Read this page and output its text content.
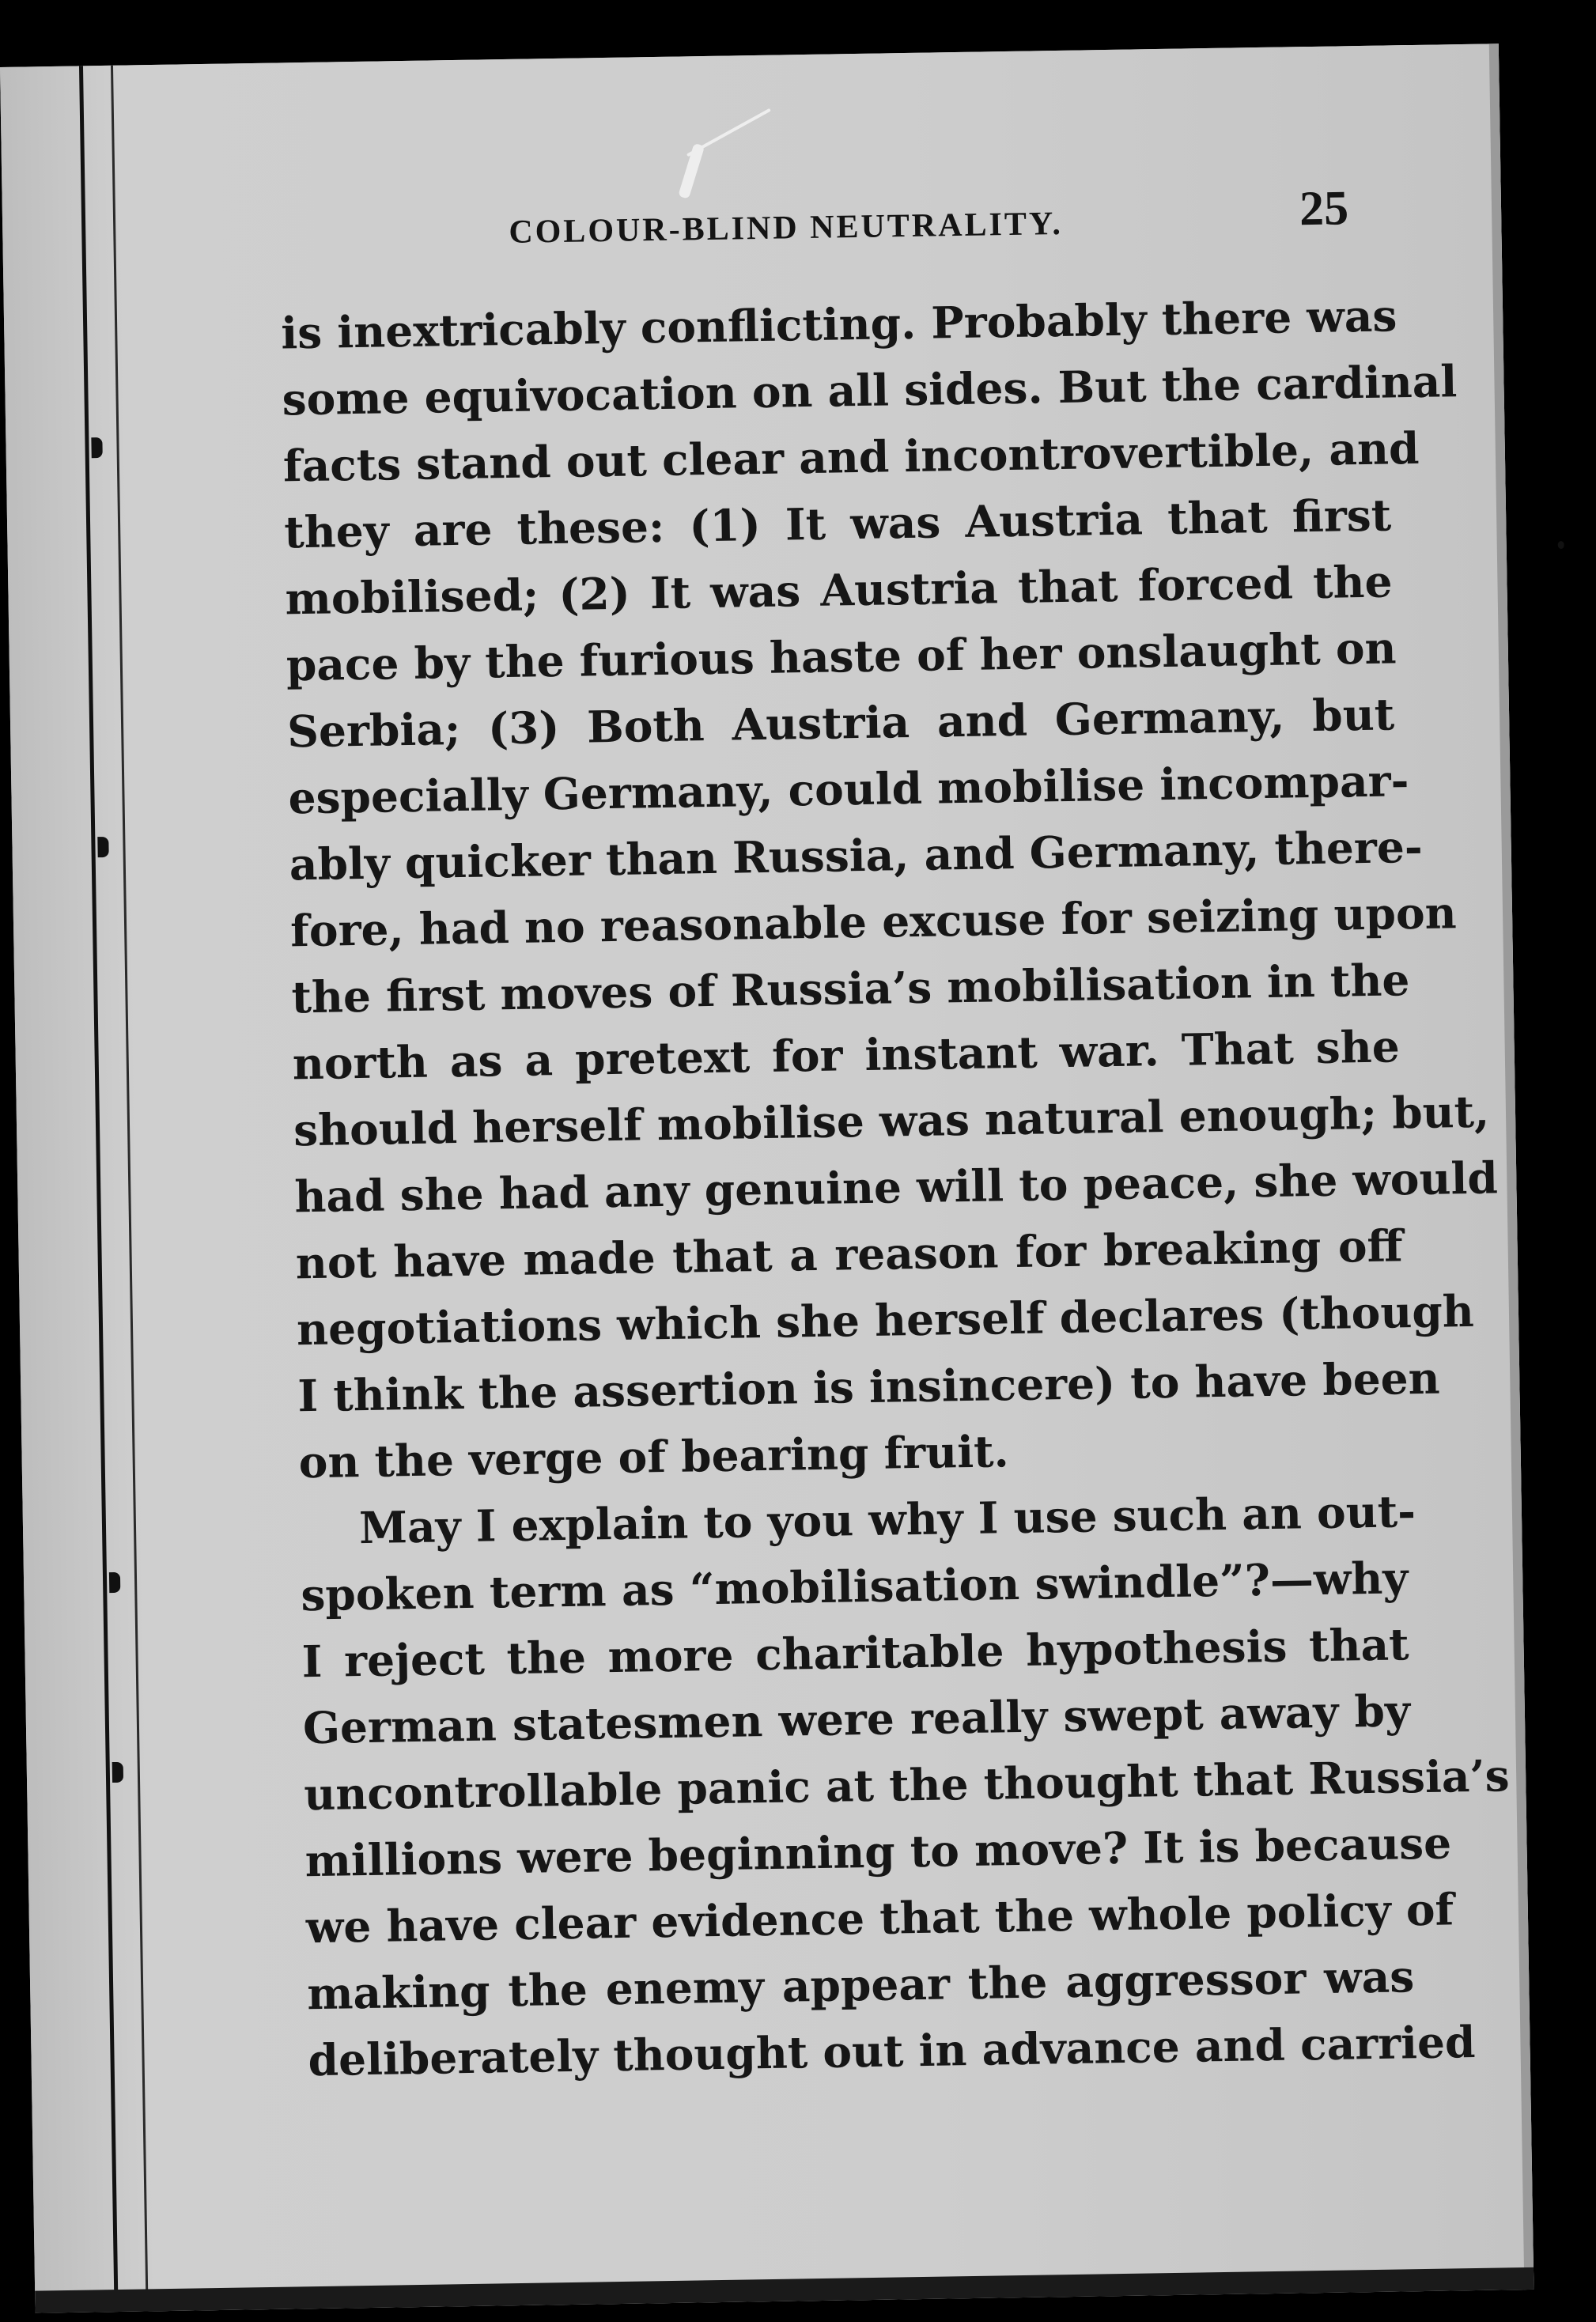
COLOUR-BLIND NEUTRALITY.	25
is inextricably conflicting. Probably there was
some equivocation on all sides. But the cardinal
facts stand out clear and incontrovertible, and
they are these: (1) It was Austria that first
mobilised; (2) It was Austria that forced the
pace by the furious haste of her onslaught on
Serbia; (3) Both Austria and Germany, but
especially Germany, could mobilise incompar-
ably quicker than Russia, and Germany, there-
fore, had no reasonable excuse for seizing upon
the first moves of Russia’s mobilisation in the
north as a pretext for instant war. That she
should herself mobilise was natural enough; but,
had she had any genuine will to peace, she would
not have made that a reason for breaking off
negotiations which she herself declares (though
I think the assertion is insincere) to have been
on the verge of bearing fruit.
May I explain to you why I use such an out-
spoken term as “mobilisation swindle”?—why
I reject the more charitable hypothesis that
German statesmen were really swept away by
uncontrollable panic at the thought that Russia’s
millions were beginning to move? It is because
we have clear evidence that the whole policy of
making the enemy appear the aggressor was
deliberately thought out in advance and carried
